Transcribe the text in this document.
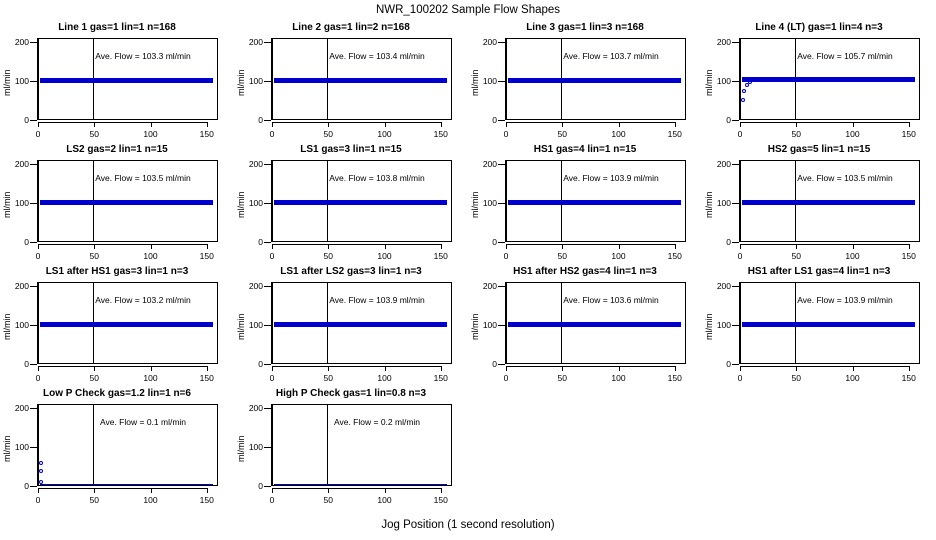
NWR_100202 Sample Flow Shapes
Line 1 gas=1 lin=1 n=168
ml/min
0
100
200
Ave. Flow = 103.3 ml/min
0	50	100	150
Line 2 gas=1 lin=2 n=168
ml/min
0
100
200
Ave. Flow = 103.4 ml/min
0	50	100	150
Line 3 gas=1 lin=3 n=168
ml/min
0
100
200
Ave. Flow = 103.7 ml/min
0	50	100	150
Line 4 (LT) gas=1 lin=4 n=3
ml/min
0
100
200
Ave. Flow = 105.7 ml/min
0	50	100	150
LS2 gas=2 lin=1 n=15
ml/min
0
100
200
Ave. Flow = 103.5 ml/min
0	50	100	150
LS1 gas=3 lin=1 n=15
ml/min
0
100
200
Ave. Flow = 103.8 ml/min
0	50	100	150
HS1 gas=4 lin=1 n=15
ml/min
0
100
200
Ave. Flow = 103.9 ml/min
0	50	100	150
HS2 gas=5 lin=1 n=15
ml/min
0
100
200
Ave. Flow = 103.5 ml/min
0	50	100	150
LS1 after HS1 gas=3 lin=1 n=3
ml/min
0
100
200
Ave. Flow = 103.2 ml/min
0	50	100	150
LS1 after LS2 gas=3 lin=1 n=3
ml/min
0
100
200
Ave. Flow = 103.9 ml/min
0	50	100	150
HS1 after HS2 gas=4 lin=1 n=3
ml/min
0
100
200
Ave. Flow = 103.6 ml/min
0	50	100	150
HS1 after LS1 gas=4 lin=1 n=3
ml/min
0
100
200
Ave. Flow = 103.9 ml/min
0	50	100	150
Low P Check gas=1.2 lin=1 n=6
ml/min
0
100
200
Ave. Flow = 0.1 ml/min
0	50	100	150
High P Check gas=1 lin=0.8 n=3
ml/min
0
100
200
Ave. Flow = 0.2 ml/min
0	50	100	150
Jog Position (1 second resolution)
